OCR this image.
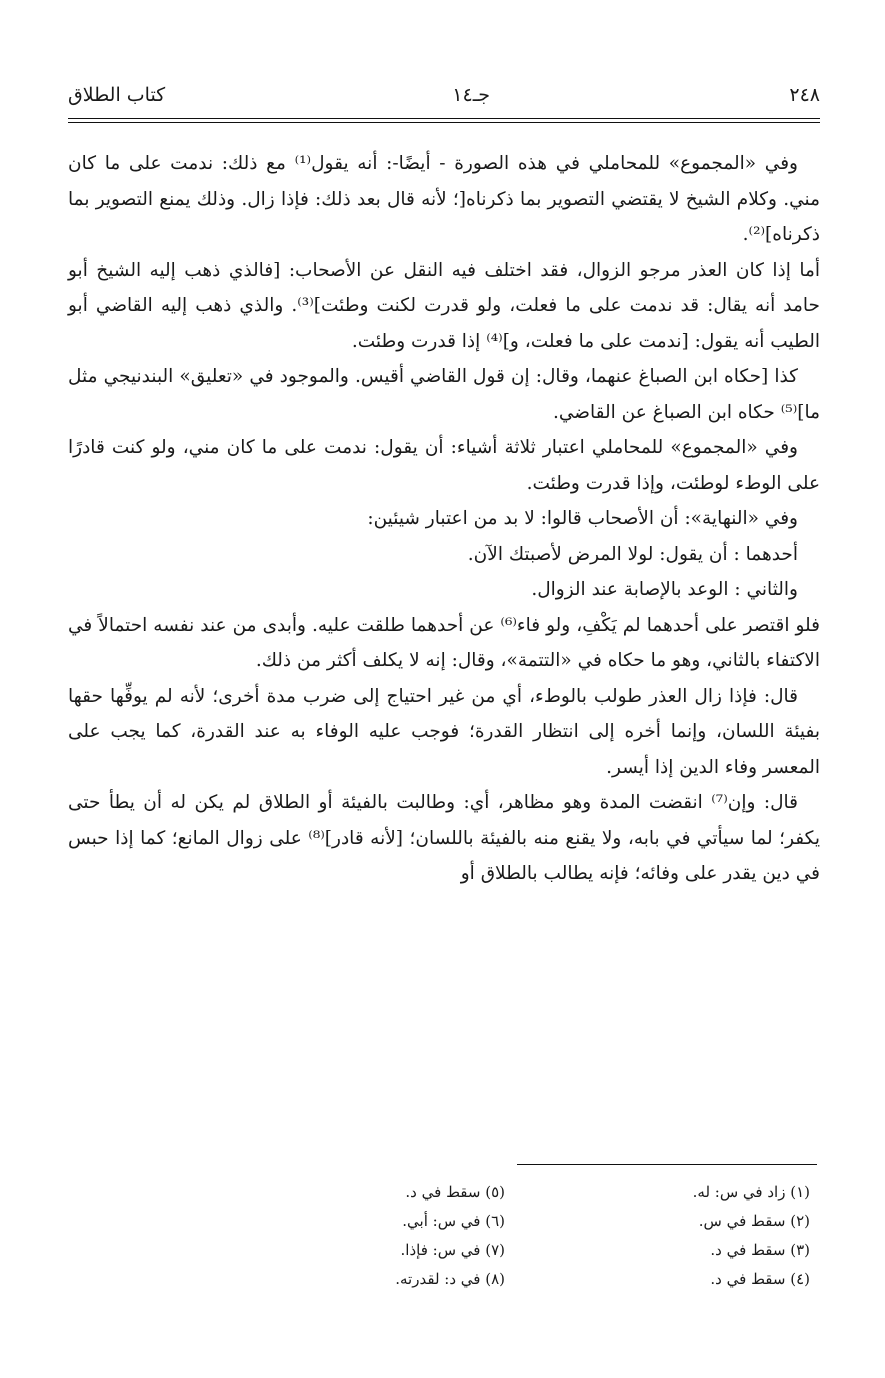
٢٤٨
جـ١٤
كتاب الطلاق

وفي «المجموع» للمحاملي في هذه الصورة - أيضًا-: أنه يقول⁽¹⁾ مع ذلك: ندمت على ما كان مني. وكلام الشيخ لا يقتضي التصوير بما ذكرناه[؛ لأنه قال بعد ذلك: فإذا زال. وذلك يمنع التصوير بما ذكرناه]⁽²⁾.

أما إذا كان العذر مرجو الزوال، فقد اختلف فيه النقل عن الأصحاب: [فالذي ذهب إليه الشيخ أبو حامد أنه يقال: قد ندمت على ما فعلت، ولو قدرت لكنت وطئت]⁽³⁾. والذي ذهب إليه القاضي أبو الطيب أنه يقول: [ندمت على ما فعلت، و]⁽⁴⁾ إذا قدرت وطئت.

كذا [حكاه ابن الصباغ عنهما، وقال: إن قول القاضي أقيس. والموجود في «تعليق» البندنيجي مثل ما]⁽⁵⁾ حكاه ابن الصباغ عن القاضي.

وفي «المجموع» للمحاملي اعتبار ثلاثة أشياء: أن يقول: ندمت على ما كان مني، ولو كنت قادرًا على الوطء لوطئت، وإذا قدرت وطئت.

وفي «النهاية»: أن الأصحاب قالوا: لا بد من اعتبار شيئين:

أحدهما : أن يقول: لولا المرض لأصبتك الآن.

والثاني : الوعد بالإصابة عند الزوال.

فلو اقتصر على أحدهما لم يَكْفِ، ولو فاء⁽⁶⁾ عن أحدهما طلقت عليه. وأبدى من عند نفسه احتمالاً في الاكتفاء بالثاني، وهو ما حكاه في «التتمة»، وقال: إنه لا يكلف أكثر من ذلك.

قال: فإذا زال العذر طولب بالوطء، أي من غير احتياج إلى ضرب مدة أخرى؛ لأنه لم يوفِّها حقها بفيئة اللسان، وإنما أخره إلى انتظار القدرة؛ فوجب عليه الوفاء به عند القدرة، كما يجب على المعسر وفاء الدين إذا أيسر.

قال: وإن⁽⁷⁾ انقضت المدة وهو مظاهر، أي: وطالبت بالفيئة أو الطلاق لم يكن له أن يطأ حتى يكفر؛ لما سيأتي في بابه، ولا يقنع منه بالفيئة باللسان؛ [لأنه قادر]⁽⁸⁾ على زوال المانع؛ كما إذا حبس في دين يقدر على وفائه؛ فإنه يطالب بالطلاق أو

(١) زاد في س: له.
(٢) سقط في س.
(٣) سقط في د.
(٤) سقط في د.
(٥) سقط في د.
(٦) في س: أبي.
(٧) في س: فإذا.
(٨) في د: لقدرته.
